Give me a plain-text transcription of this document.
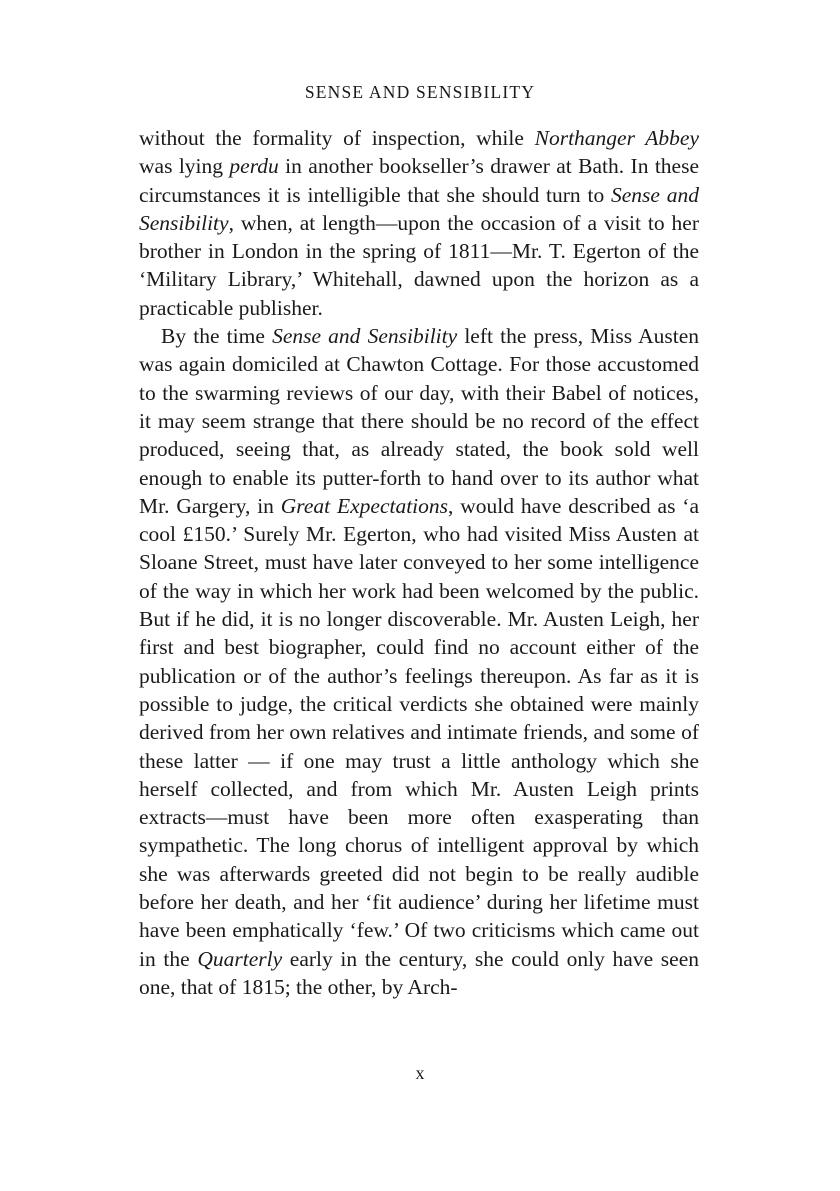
SENSE AND SENSIBILITY

without the formality of inspection, while Northanger Abbey was lying perdu in another bookseller’s drawer at Bath. In these circumstances it is intelligible that she should turn to Sense and Sensibility, when, at length—upon the occasion of a visit to her brother in London in the spring of 1811—Mr. T. Egerton of the ‘Military Library,’ Whitehall, dawned upon the horizon as a practicable publisher.

By the time Sense and Sensibility left the press, Miss Austen was again domiciled at Chawton Cottage. For those accustomed to the swarming reviews of our day, with their Babel of notices, it may seem strange that there should be no record of the effect produced, seeing that, as already stated, the book sold well enough to enable its putter-forth to hand over to its author what Mr. Gargery, in Great Expectations, would have described as ‘a cool £150.’ Surely Mr. Egerton, who had visited Miss Austen at Sloane Street, must have later conveyed to her some intelligence of the way in which her work had been welcomed by the public. But if he did, it is no longer discoverable. Mr. Austen Leigh, her first and best biographer, could find no account either of the publication or of the author’s feelings thereupon. As far as it is possible to judge, the critical verdicts she obtained were mainly derived from her own relatives and intimate friends, and some of these latter — if one may trust a little anthology which she herself collected, and from which Mr. Austen Leigh prints extracts—must have been more often exasperating than sympathetic. The long chorus of intelligent approval by which she was afterwards greeted did not begin to be really audible before her death, and her ‘fit audience’ during her lifetime must have been emphatically ‘few.’ Of two criticisms which came out in the Quarterly early in the century, she could only have seen one, that of 1815; the other, by Arch-

x
